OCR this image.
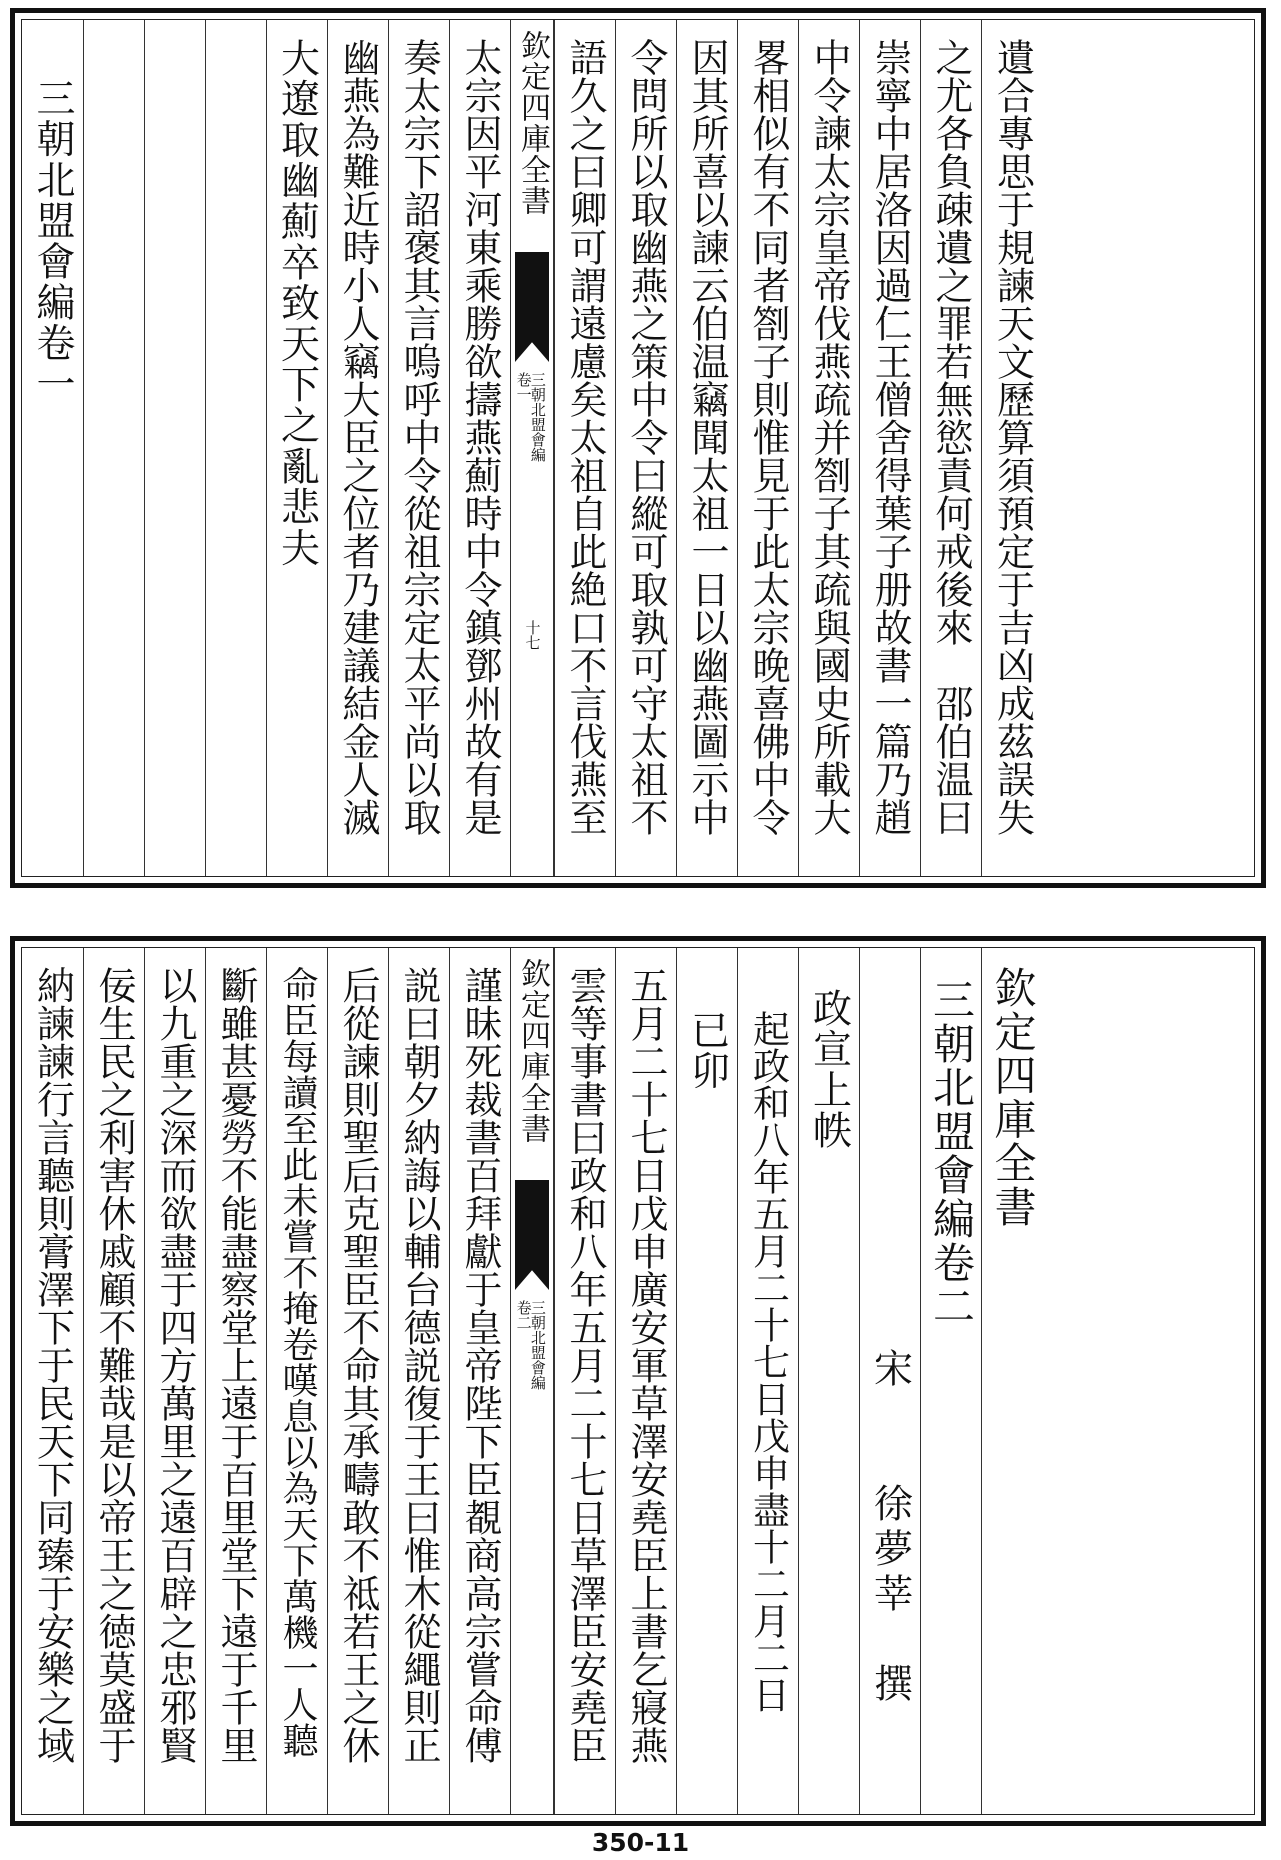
三朝北盟會編卷一	大遼取幽薊卒致天下之亂悲夫 幽燕為難近時小人竊大臣之位者乃建議結金人滅 奏太宗下詔褒其言嗚呼中令從祖宗定太平尚以取 太宗因平河東乘勝欲擣燕薊時中令鎮鄧州故有是 欽定四庫全書
三朝北盟會編
卷一
十七 語久之曰卿可謂遠慮矣太祖自此絶口不言伐燕至 令問所以取幽燕之策中令曰縱可取孰可守太祖不 因其所喜以諫云伯温竊聞太祖一日以幽燕圖示中 畧相似有不同者劄子則惟見于此太宗晚喜佛中令 中令諫太宗皇帝伐燕疏并劄子其疏與國史所載大 崇寧中居洛因過仁王僧舍得葉子册故書一篇乃趙 之尤各負疎遺之罪若無慾責何戒後來　邵伯温曰 遺合專思于規諫天文歷算須預定于吉凶成茲誤失
納諫諫行言聽則膏澤下于民天下同臻于安樂之域 佞生民之利害休戚顧不難哉是以帝王之徳莫盛于 以九重之深而欲盡于四方萬里之遠百辟之忠邪賢 斷雖甚憂勞不能盡察堂上遠于百里堂下遠于千里 命臣每讀至此未嘗不掩卷嘆息以為天下萬機一人聽 后從諫則聖后克聖臣不命其承疇敢不祗若王之休 説曰朝夕納誨以輔台德説復于王曰惟木從繩則正 謹昧死裁書百拜獻于皇帝陛下臣覩商高宗嘗命傅 欽定四庫全書
三朝北盟會編
卷二 雲等事書曰政和八年五月二十七日草澤臣安堯臣 五月二十七日戊申廣安軍草澤安堯臣上書乞寢燕 已卯 起政和八年五月二十七日戊申盡十二月二日 政宣上帙
宋　　徐夢莘　撰
三朝北盟會編卷二 欽定四庫全書
350-11
